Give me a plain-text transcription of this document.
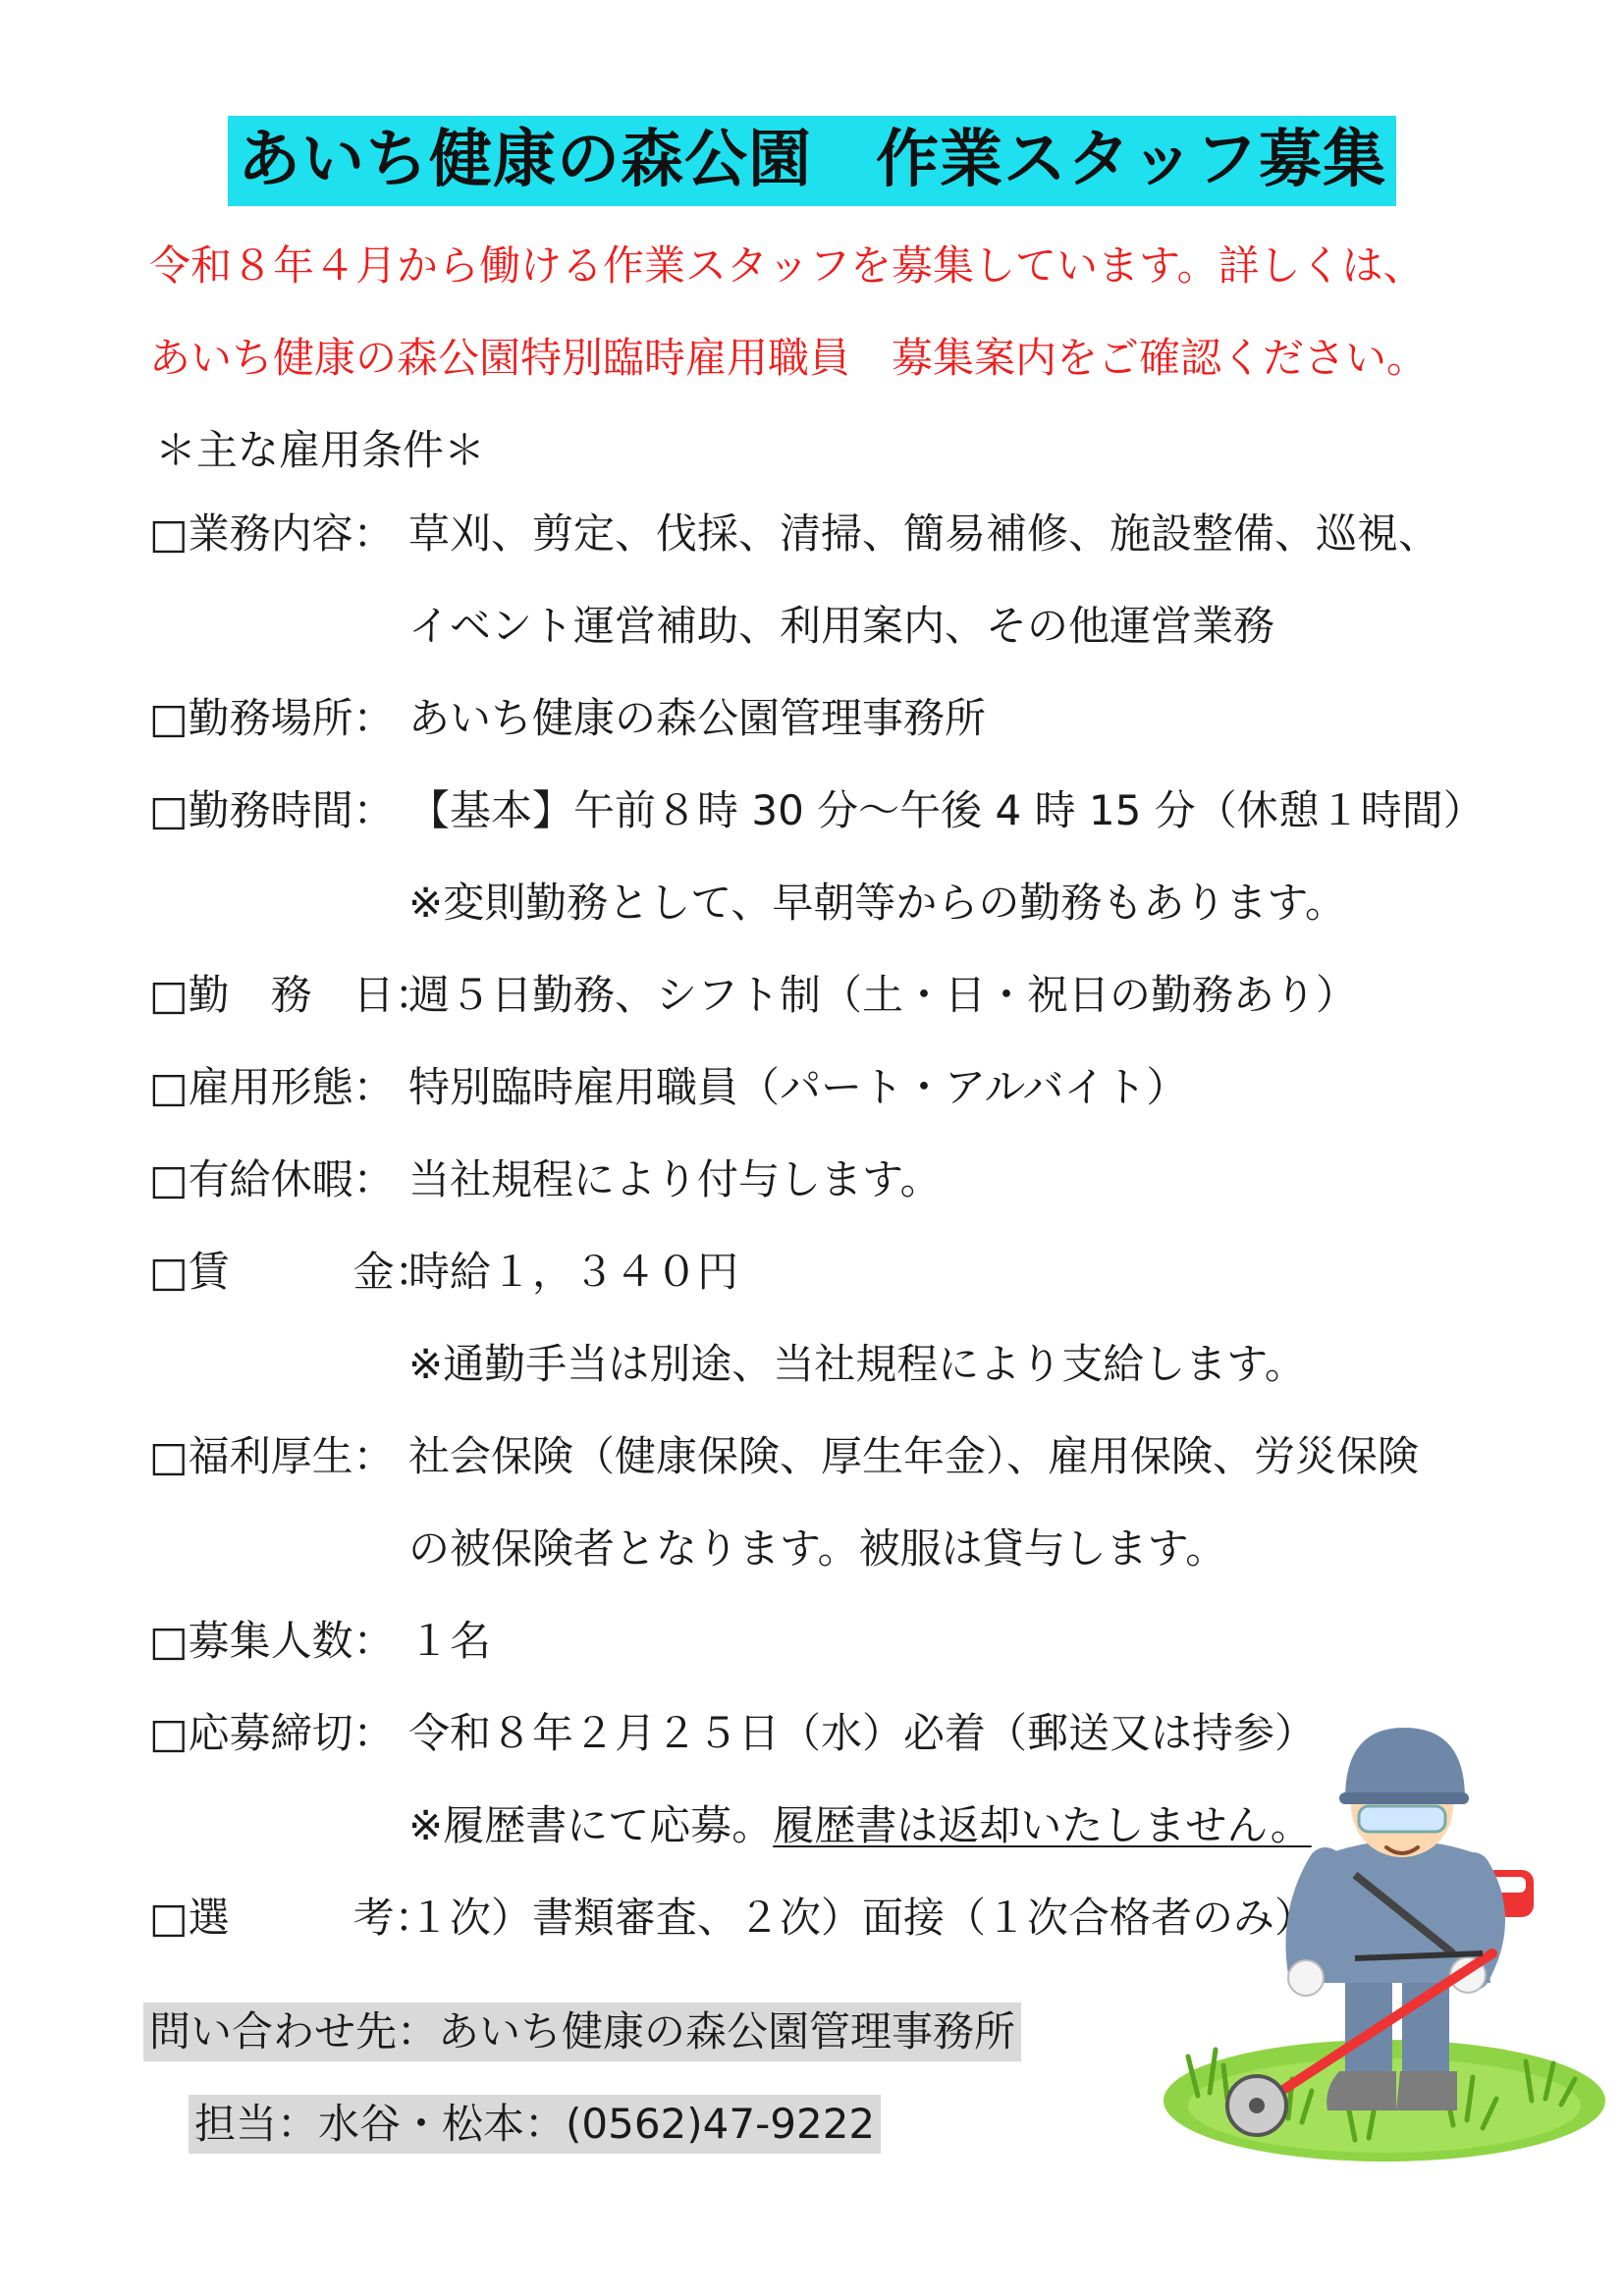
あいち健康の森公園　作業スタッフ募集
令和８年４月から働ける作業スタッフを募集しています。詳しくは、
あいち健康の森公園特別臨時雇用職員　募集案内をご確認ください。
＊主な雇用条件＊
□業務内容： 草刈、剪定、伐採、清掃、簡易補修、施設整備、巡視、
イベント運営補助、利用案内、その他運営業務
□勤務場所： あいち健康の森公園管理事務所
□勤務時間： 【基本】午前８時 30 分～午後 4 時 15 分（休憩１時間）
※変則勤務として、早朝等からの勤務もあります。
□勤　務　日：週５日勤務、シフト制（土・日・祝日の勤務あり）
□雇用形態： 特別臨時雇用職員（パート・アルバイト）
□有給休暇： 当社規程により付与します。
□賃　　　金：時給１，３４０円
※通勤手当は別途、当社規程により支給します。
□福利厚生： 社会保険（健康保険、厚生年金）、雇用保険、労災保険
の被保険者となります。被服は貸与します。
□募集人数： １名
□応募締切： 令和８年２月２５日（水）必着（郵送又は持参）
※履歴書にて応募。履歴書は返却いたしません。
□選　　　考：１次）書類審査、２次）面接（１次合格者のみ）
問い合わせ先：あいち健康の森公園管理事務所
担当：水谷・松本：(0562)47-9222
